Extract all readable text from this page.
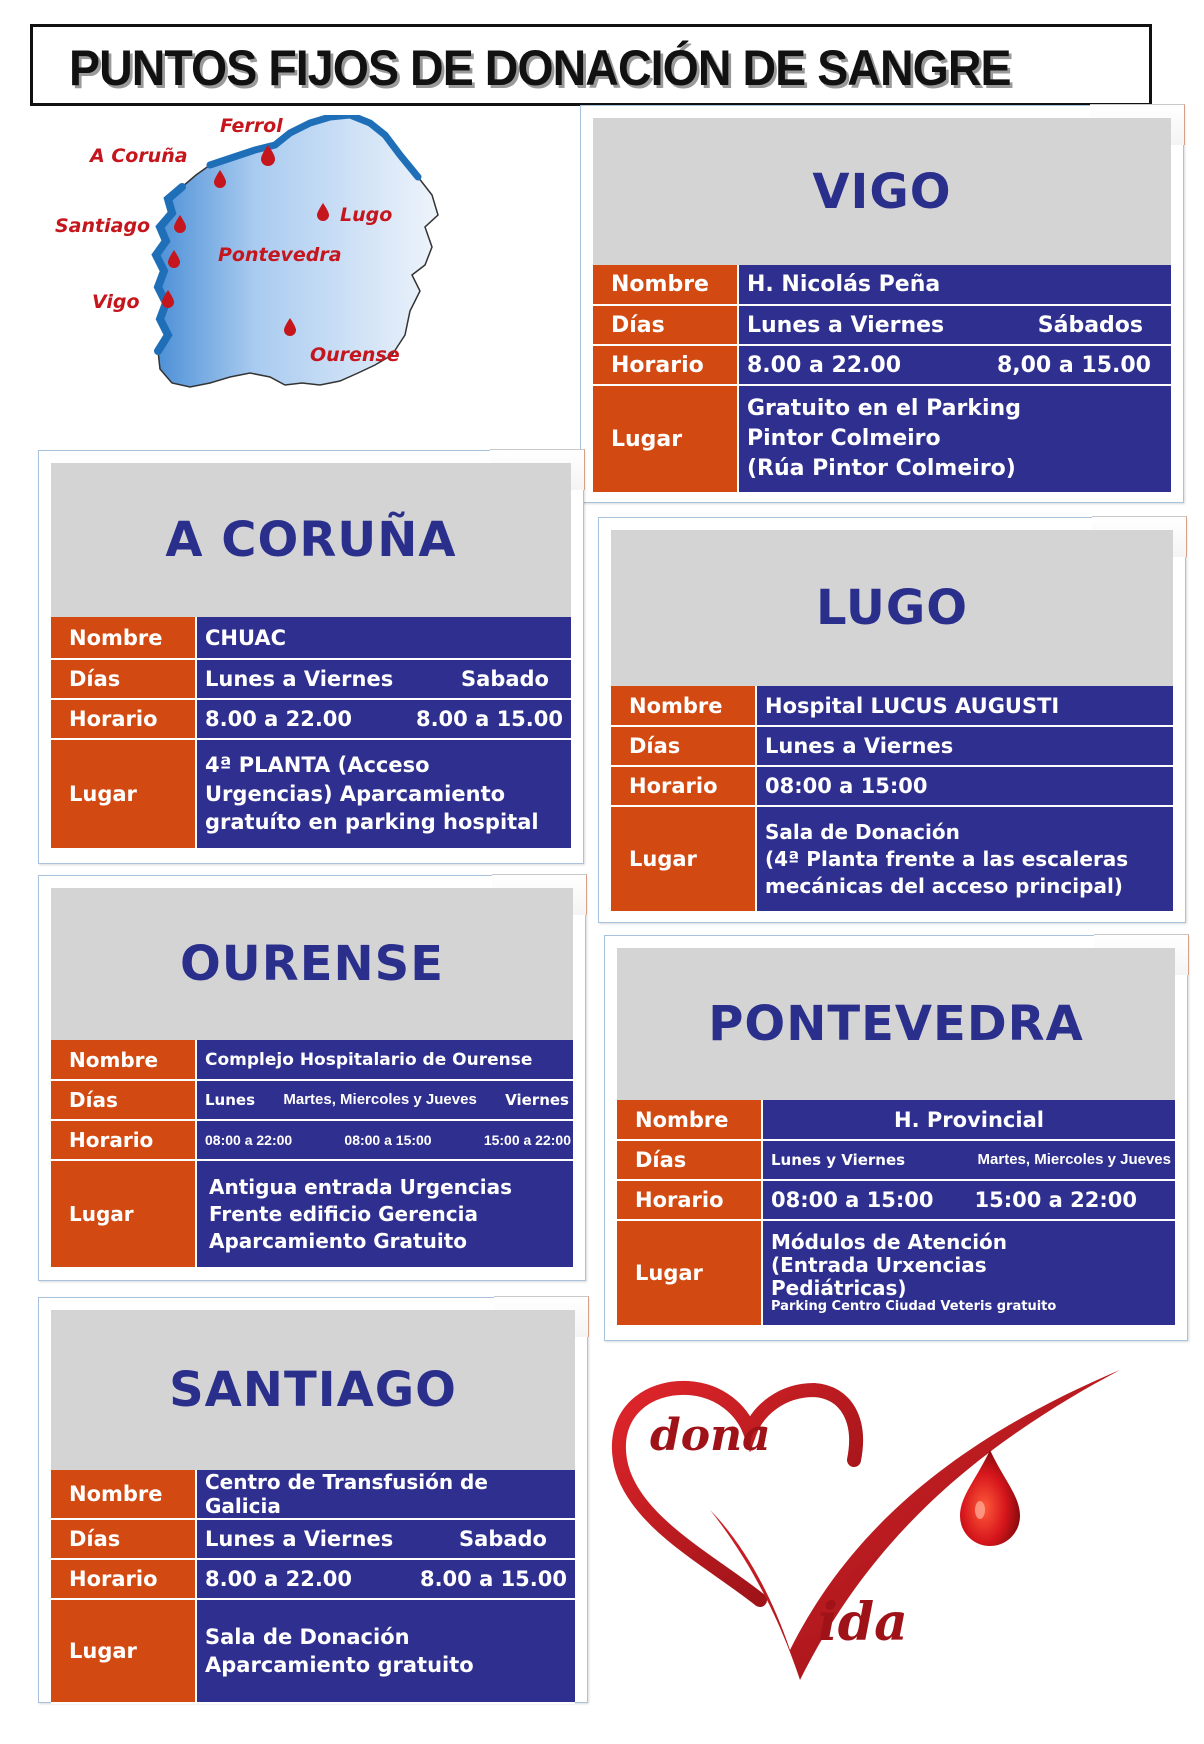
PUNTOS FIJOS DE DONACIÓN DE SANGRE
Ferrol
A Coruña
Santiago	Lugo
Pontevedra
Vigo
Ourense
VIGO
Nombre	H. Nicolás Peña
Días	Lunes a Viernes Sábados

Horario	8.00 a 22.00 8,00 a 15.00

Lugar	Gratuito en el Parking
Pintor Colmeiro
(Rúa Pintor Colmeiro)
A CORUÑA
Nombre	CHUAC
Días	Lunes a Viernes Sabado

Horario	8.00 a 22.00 8.00 a 15.00

Lugar	4ª PLANTA (Acceso
Urgencias) Aparcamiento
gratuíto en parking hospital
LUGO
Nombre	Hospital LUCUS AUGUSTI
Días	Lunes a Viernes
Horario	08:00 a 15:00
Lugar	Sala de Donación
(4ª Planta frente a las escaleras
mecánicas del acceso principal)
OURENSE
Nombre	Complejo Hospitalario de Ourense
Días	Lunes Martes, Miercoles y Jueves Viernes

Horario	08:00 a 22:00 08:00 a 15:00 15:00 a 22:00

Lugar	Antigua entrada Urgencias
Frente edificio Gerencia
Aparcamiento Gratuito
PONTEVEDRA
Nombre	H. Provincial
Días	Lunes y Viernes Martes, Miercoles y Jueves

Horario	08:00 a 15:00 15:00 a 22:00

Lugar	Módulos de Atención
(Entrada Urxencias
Pediátricas)
Parking Centro Ciudad Veteris gratuito
SANTIAGO
Nombre	Centro de Transfusión de Galicia
Días	Lunes a Viernes Sabado

Horario	8.00 a 22.00 8.00 a 15.00

Lugar	Sala de Donación
Aparcamiento gratuito
dona
ida
